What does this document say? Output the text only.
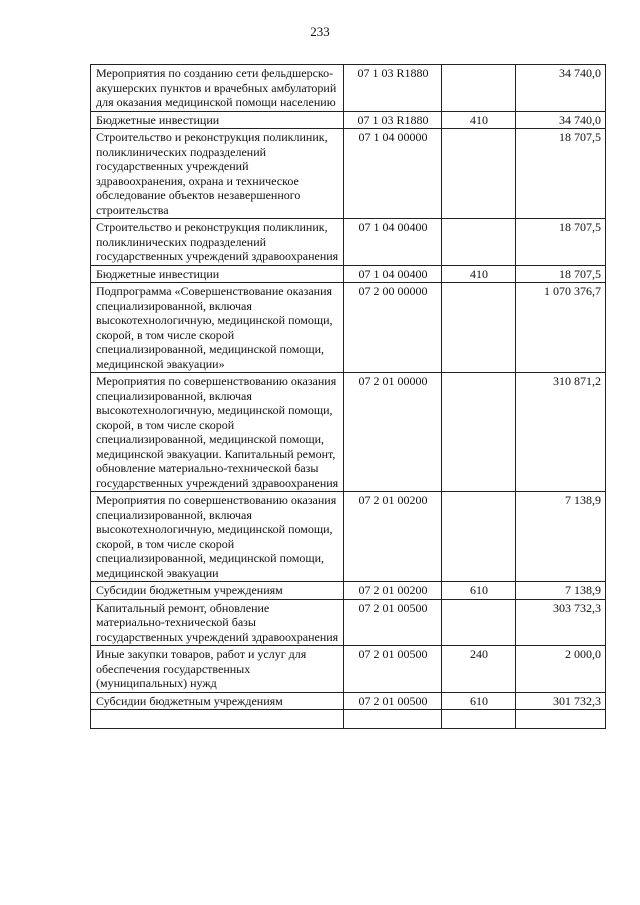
233
Мероприятия по созданию сети фельдшерско-акушерских пунктов и врачебных амбулаторий для оказания медицинской помощи населению	07 1 03 R1880		34 740,0
Бюджетные инвестиции	07 1 03 R1880	410	34 740,0
Строительство и реконструкция поликлиник, поликлинических подразделений государственных учреждений здравоохранения, охрана и техническое обследование объектов незавершенного строительства	07 1 04 00000		18 707,5
Строительство и реконструкция поликлиник, поликлинических подразделений государственных учреждений здравоохранения	07 1 04 00400		18 707,5
Бюджетные инвестиции	07 1 04 00400	410	18 707,5
Подпрограмма «Совершенствование оказания специализированной, включая высокотехнологичную, медицинской помощи, скорой, в том числе скорой специализированной, медицинской помощи, медицинской эвакуации»	07 2 00 00000		1 070 376,7
Мероприятия по совершенствованию оказания специализированной, включая высокотехнологичную, медицинской помощи, скорой, в том числе скорой специализированной, медицинской помощи, медицинской эвакуации. Капитальный ремонт, обновление материально-технической базы государственных учреждений здравоохранения	07 2 01 00000		310 871,2
Мероприятия по совершенствованию оказания специализированной, включая высокотехнологичную, медицинской помощи, скорой, в том числе скорой специализированной, медицинской помощи, медицинской эвакуации	07 2 01 00200		7 138,9
Субсидии бюджетным учреждениям	07 2 01 00200	610	7 138,9
Капитальный ремонт, обновление материально-технической базы государственных учреждений здравоохранения	07 2 01 00500		303 732,3
Иные закупки товаров, работ и услуг для обеспечения государственных (муниципальных) нужд	07 2 01 00500	240	2 000,0
Субсидии бюджетным учреждениям	07 2 01 00500	610	301 732,3
